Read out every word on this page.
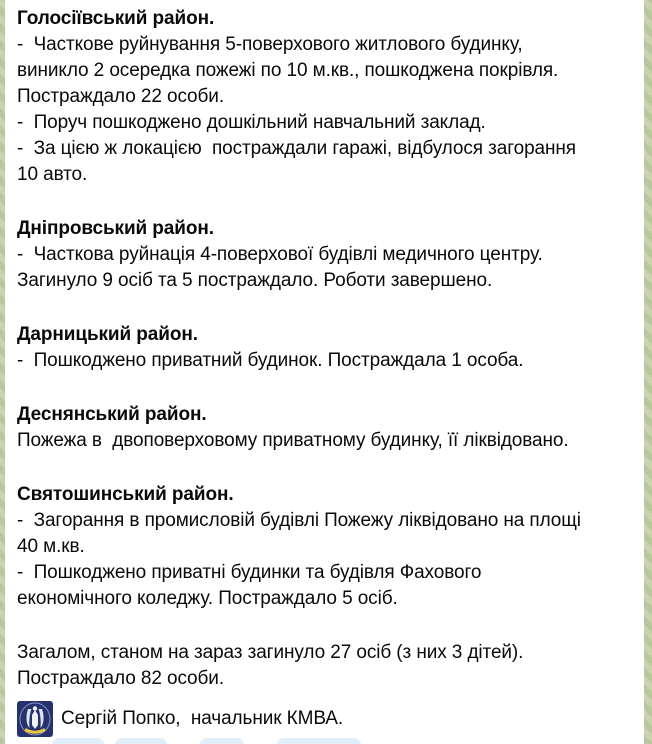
Голосіївський район.
-  Часткове руйнування 5-поверхового житлового будинку,
виникло 2 осередка пожежі по 10 м.кв., пошкоджена покрівля.
Постраждало 22 особи.
-  Поруч пошкоджено дошкільний навчальний заклад.
-  За цією ж локацією  постраждали гаражі, відбулося загорання
10 авто.
Дніпровський район.
-  Часткова руйнація 4-поверхової будівлі медичного центру.
Загинуло 9 осіб та 5 постраждало. Роботи завершено.
Дарницький район.
-  Пошкоджено приватний будинок. Постраждала 1 особа.
Деснянський район.
Пожежа в  двоповерховому приватному будинку, її ліквідовано.
Святошинський район.
-  Загорання в промисловій будівлі Пожежу ліквідовано на площі
40 м.кв.
-  Пошкоджено приватні будинки та будівля Фахового
економічного коледжу. Постраждало 5 осіб.
Загалом, станом на зараз загинуло 27 осіб (з них 3 дітей).
Постраждало 82 особи.
Сергій Попко,  начальник КМВА.
